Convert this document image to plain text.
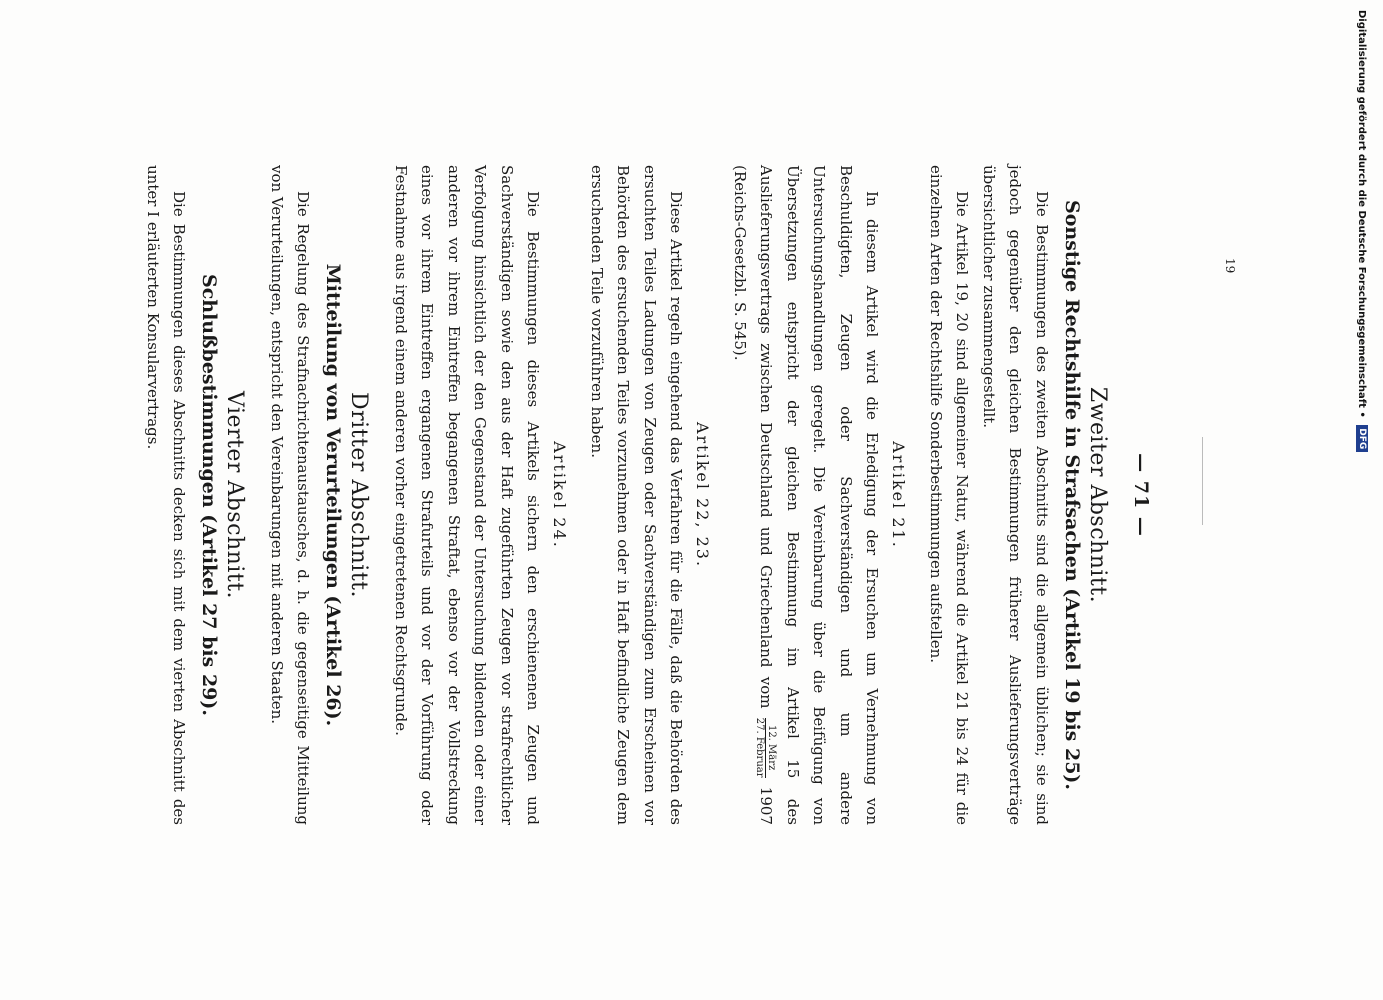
— 71 —

Zweiter Abschnitt.

Sonstige Rechtshilfe in Strafsachen (Artikel 19 bis 25).

Die Bestimmungen des zweiten Abschnitts sind die allgemein üblichen; sie sind jedoch gegenüber den gleichen Bestimmungen früherer Auslieferungsverträge übersichtlicher zusammengestellt.

Die Artikel 19, 20 sind allgemeiner Natur, während die Artikel 21 bis 24 für die einzelnen Arten der Rechtshilfe Sonderbestimmungen aufstellen.

Artikel 21.

In diesem Artikel wird die Erledigung der Ersuchen um Vernehmung von Beschuldigten, Zeugen oder Sachverständigen und um andere Untersuchungshandlungen geregelt. Die Vereinbarung über die Beifügung von Übersetzungen entspricht der gleichen Bestimmung im Artikel 15 des Auslieferungsvertrags zwischen Deutschland und Griechenland vom
12. März
27. Februar
1907 (Reichs-Gesetzbl. S. 545).

Artikel 22, 23.

Diese Artikel regeln eingehend das Verfahren für die Fälle, daß die Behörden des ersuchten Teiles Ladungen von Zeugen oder Sachverständigen zum Erscheinen vor Behörden des ersuchenden Teiles vorzunehmen oder in Haft befindliche Zeugen dem ersuchenden Teile vorzuführen haben.

Artikel 24.

Die Bestimmungen dieses Artikels sichern den erschienenen Zeugen und Sachverständigen sowie den aus der Haft zugeführten Zeugen vor strafrechtlicher Verfolgung hinsichtlich der den Gegenstand der Untersuchung bildenden oder einer anderen vor ihrem Eintreffen begangenen Straftat, ebenso vor der Vollstreckung eines vor ihrem Eintreffen ergangenen Strafurteils und vor der Vorführung oder Festnahme aus irgend einem anderen vorher eingetretenen Rechtsgrunde.

Dritter Abschnitt.

Mitteilung von Verurteilungen (Artikel 26).

Die Regelung des Strafnachrichtenaustausches, d. h. die gegenseitige Mitteilung von Verurteilungen, entspricht den Vereinbarungen mit anderen Staaten.

Vierter Abschnitt.

Schlußbestimmungen (Artikel 27 bis 29).

Die Bestimmungen dieses Abschnitts decken sich mit dem vierten Abschnitt des unter I erläuterten Konsularvertrags.	19	Digitalisierung gefördert durch die Deutsche Forschungsgemeinschaft • DFG
